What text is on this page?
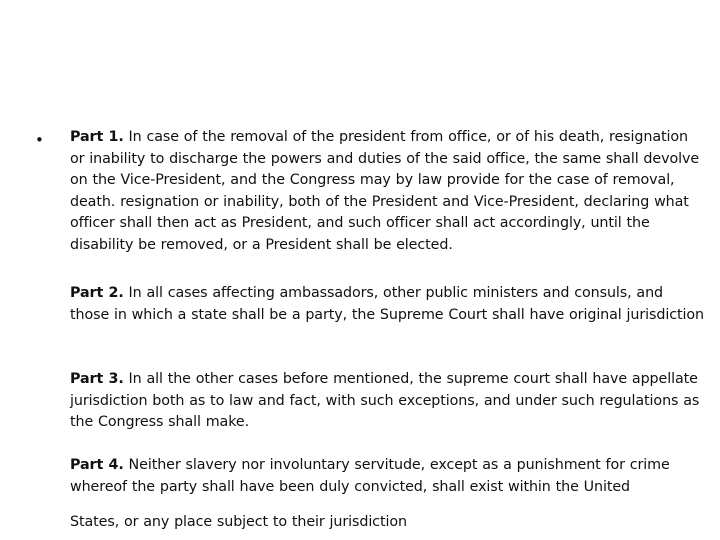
• Part 1. In case of the removal of the president from office, or of his death, resignation or inability to discharge the powers and duties of the said office, the same shall devolve on the Vice-President, and the Congress may by law provide for the case of removal, death. resignation or inability, both of the President and Vice-President, declaring what officer shall then act as President, and such officer shall act accordingly, until the disability be removed, or a President shall be elected.
Part 2. In all cases affecting ambassadors, other public ministers and consuls, and those in which a state shall be a party, the Supreme Court shall have original jurisdiction
Part 3. In all the other cases before mentioned, the supreme court shall have appellate jurisdiction both as to law and fact, with such exceptions, and under such regulations as the Congress shall make.
Part 4. Neither slavery nor involuntary servitude, except as a punishment for crime whereof the party shall have been duly convicted, shall exist within the United
States, or any place subject to their jurisdiction
